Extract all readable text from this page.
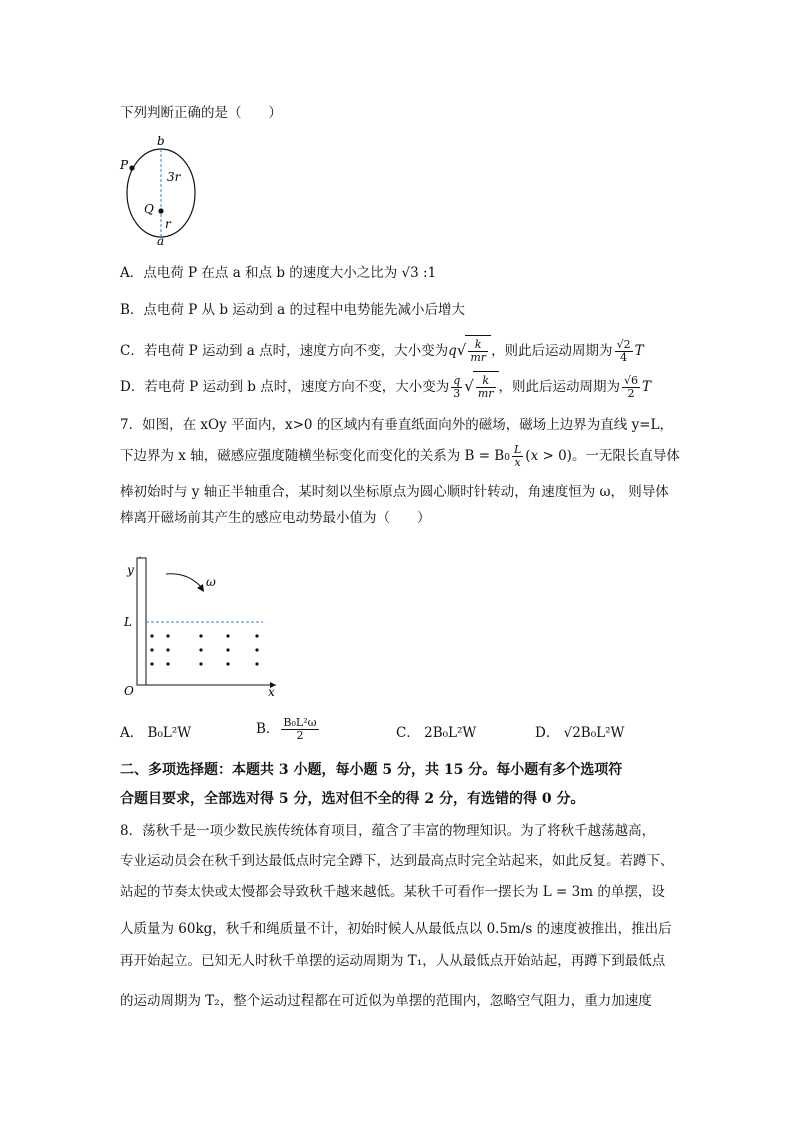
下列判断正确的是（　　）
b
P
3r
Q
r
a
A．点电荷 P 在点 a 和点 b 的速度大小之比为 √3 :1
B．点电荷 P 从 b 运动到 a 的过程中电势能先减小后增大
C．若电荷 P 运动到 a 点时，速度方向不变，大小变为$q√ \frac{k}{mr}$ ，则此后运动周期为 $\frac{√2}{4}$ T
D．若电荷 P 运动到 b 点时，速度方向不变，大小变为 $\frac{q}{3}$ √ $\frac{k}{mr}$ ，则此后运动周期为 $\frac{√6}{2}$ T
7．如图，在 xOy 平面内，x>0 的区域内有垂直纸面向外的磁场，磁场上边界为直线 y=L，
下边界为 x 轴，磁感应强度随横坐标变化而变化的关系为 $B = B0 \frac{L}{x} (x > 0)$。一无限长直导体
棒初始时与 y 轴正半轴重合，某时刻以坐标原点为圆心顺时针转动，角速度恒为 ω， 则导体
棒离开磁场前其产生的感应电动势最小值为（　　）
y
ω
L
O	x
A． B₀L²W	B． $\frac{\text{B₀L²ω}}{2}$	C． 2B₀L²W	D． √2B₀L²W
二、多项选择题：本题共 3 小题，每小题 5 分，共 15 分。每小题有多个选项符
合题目要求，全部选对得 5 分，选对但不全的得 2 分，有选错的得 0 分。
8．荡秋千是一项少数民族传统体育项目，蕴含了丰富的物理知识。为了将秋千越荡越高，
专业运动员会在秋千到达最低点时完全蹲下，达到最高点时完全站起来，如此反复。若蹲下、
站起的节奏太快或太慢都会导致秋千越来越低。某秋千可看作一摆长为 L = 3m 的单摆，设
人质量为 60kg，秋千和绳质量不计，初始时候人从最低点以 0.5m/s 的速度被推出，推出后
再开始起立。已知无人时秋千单摆的运动周期为 T₁，人从最低点开始站起，再蹲下到最低点
的运动周期为 T₂，整个运动过程都在可近似为单摆的范围内，忽略空气阻力，重力加速度
